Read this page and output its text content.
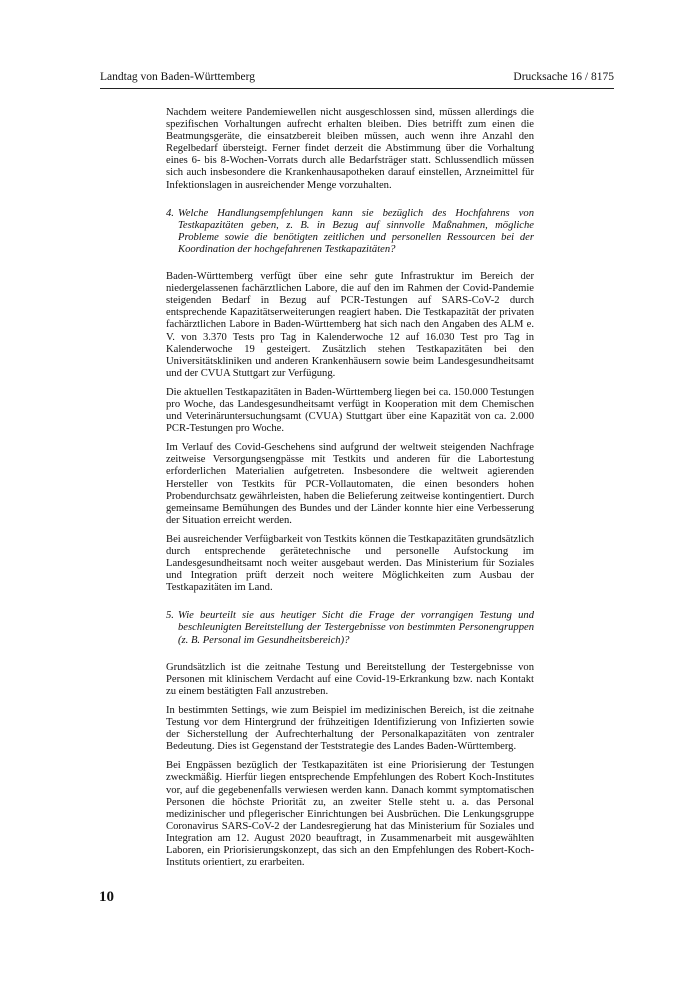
Landtag von Baden-Württemberg	Drucksache 16 / 8175

Nachdem weitere Pandemiewellen nicht ausgeschlossen sind, müssen allerdings die spezifischen Vorhaltungen aufrecht erhalten bleiben. Dies betrifft zum einen die Beatmungsgeräte, die einsatzbereit bleiben müssen, auch wenn ihre Anzahl den Regelbedarf übersteigt. Ferner findet derzeit die Abstimmung über die Vorhaltung eines 6- bis 8-Wochen-Vorrats durch alle Bedarfsträger statt. Schlussendlich müssen sich auch insbesondere die Krankenhausapotheken darauf einstellen, Arzneimittel für Infektionslagen in ausreichender Menge vorzuhalten.

4. Welche Handlungsempfehlungen kann sie bezüglich des Hochfahrens von Testkapazitäten geben, z. B. in Bezug auf sinnvolle Maßnahmen, mögliche Probleme sowie die benötigten zeitlichen und personellen Ressourcen bei der Koordination der hochgefahrenen Testkapazitäten?

Baden-Württemberg verfügt über eine sehr gute Infrastruktur im Bereich der niedergelassenen fachärztlichen Labore, die auf den im Rahmen der Covid-Pandemie steigenden Bedarf in Bezug auf PCR-Testungen auf SARS-CoV-2 durch entsprechende Kapazitätserweiterungen reagiert haben. Die Testkapazität der privaten fachärztlichen Labore in Baden-Württemberg hat sich nach den Angaben des ALM e. V. von 3.370 Tests pro Tag in Kalenderwoche 12 auf 16.030 Test pro Tag in Kalenderwoche 19 gesteigert. Zusätzlich stehen Testkapazitäten bei den Universitätskliniken und anderen Krankenhäusern sowie beim Landesgesundheitsamt und der CVUA Stuttgart zur Verfügung.

Die aktuellen Testkapazitäten in Baden-Württemberg liegen bei ca. 150.000 Testungen pro Woche, das Landesgesundheitsamt verfügt in Kooperation mit dem Chemischen und Veterinäruntersuchungsamt (CVUA) Stuttgart über eine Kapazität von ca. 2.000 PCR-Testungen pro Woche.

Im Verlauf des Covid-Geschehens sind aufgrund der weltweit steigenden Nachfrage zeitweise Versorgungsengpässe mit Testkits und anderen für die Labortestung erforderlichen Materialien aufgetreten. Insbesondere die weltweit agierenden Hersteller von Testkits für PCR-Vollautomaten, die einen besonders hohen Probendurchsatz gewährleisten, haben die Belieferung zeitweise kontingentiert. Durch gemeinsame Bemühungen des Bundes und der Länder konnte hier eine Verbesserung der Situation erreicht werden.

Bei ausreichender Verfügbarkeit von Testkits können die Testkapazitäten grundsätzlich durch entsprechende gerätetechnische und personelle Aufstockung im Landesgesundheitsamt noch weiter ausgebaut werden. Das Ministerium für Soziales und Integration prüft derzeit noch weitere Möglichkeiten zum Ausbau der Testkapazitäten im Land.

5. Wie beurteilt sie aus heutiger Sicht die Frage der vorrangigen Testung und beschleunigten Bereitstellung der Testergebnisse von bestimmten Personengruppen (z. B. Personal im Gesundheitsbereich)?

Grundsätzlich ist die zeitnahe Testung und Bereitstellung der Testergebnisse von Personen mit klinischem Verdacht auf eine Covid-19-Erkrankung bzw. nach Kontakt zu einem bestätigten Fall anzustreben.

In bestimmten Settings, wie zum Beispiel im medizinischen Bereich, ist die zeitnahe Testung vor dem Hintergrund der frühzeitigen Identifizierung von Infizierten sowie der Sicherstellung der Aufrechterhaltung der Personalkapazitäten von zentraler Bedeutung. Dies ist Gegenstand der Teststrategie des Landes Baden-Württemberg.

Bei Engpässen bezüglich der Testkapazitäten ist eine Priorisierung der Testungen zweckmäßig. Hierfür liegen entsprechende Empfehlungen des Robert Koch-Institutes vor, auf die gegebenenfalls verwiesen werden kann. Danach kommt symptomatischen Personen die höchste Priorität zu, an zweiter Stelle steht u. a. das Personal medizinischer und pflegerischer Einrichtungen bei Ausbrüchen. Die Lenkungsgruppe Coronavirus SARS-CoV-2 der Landesregierung hat das Ministerium für Soziales und Integration am 12. August 2020 beauftragt, in Zusammenarbeit mit ausgewählten Laboren, ein Priorisierungskonzept, das sich an den Empfehlungen des Robert-Koch-Instituts orientiert, zu erarbeiten.

10
